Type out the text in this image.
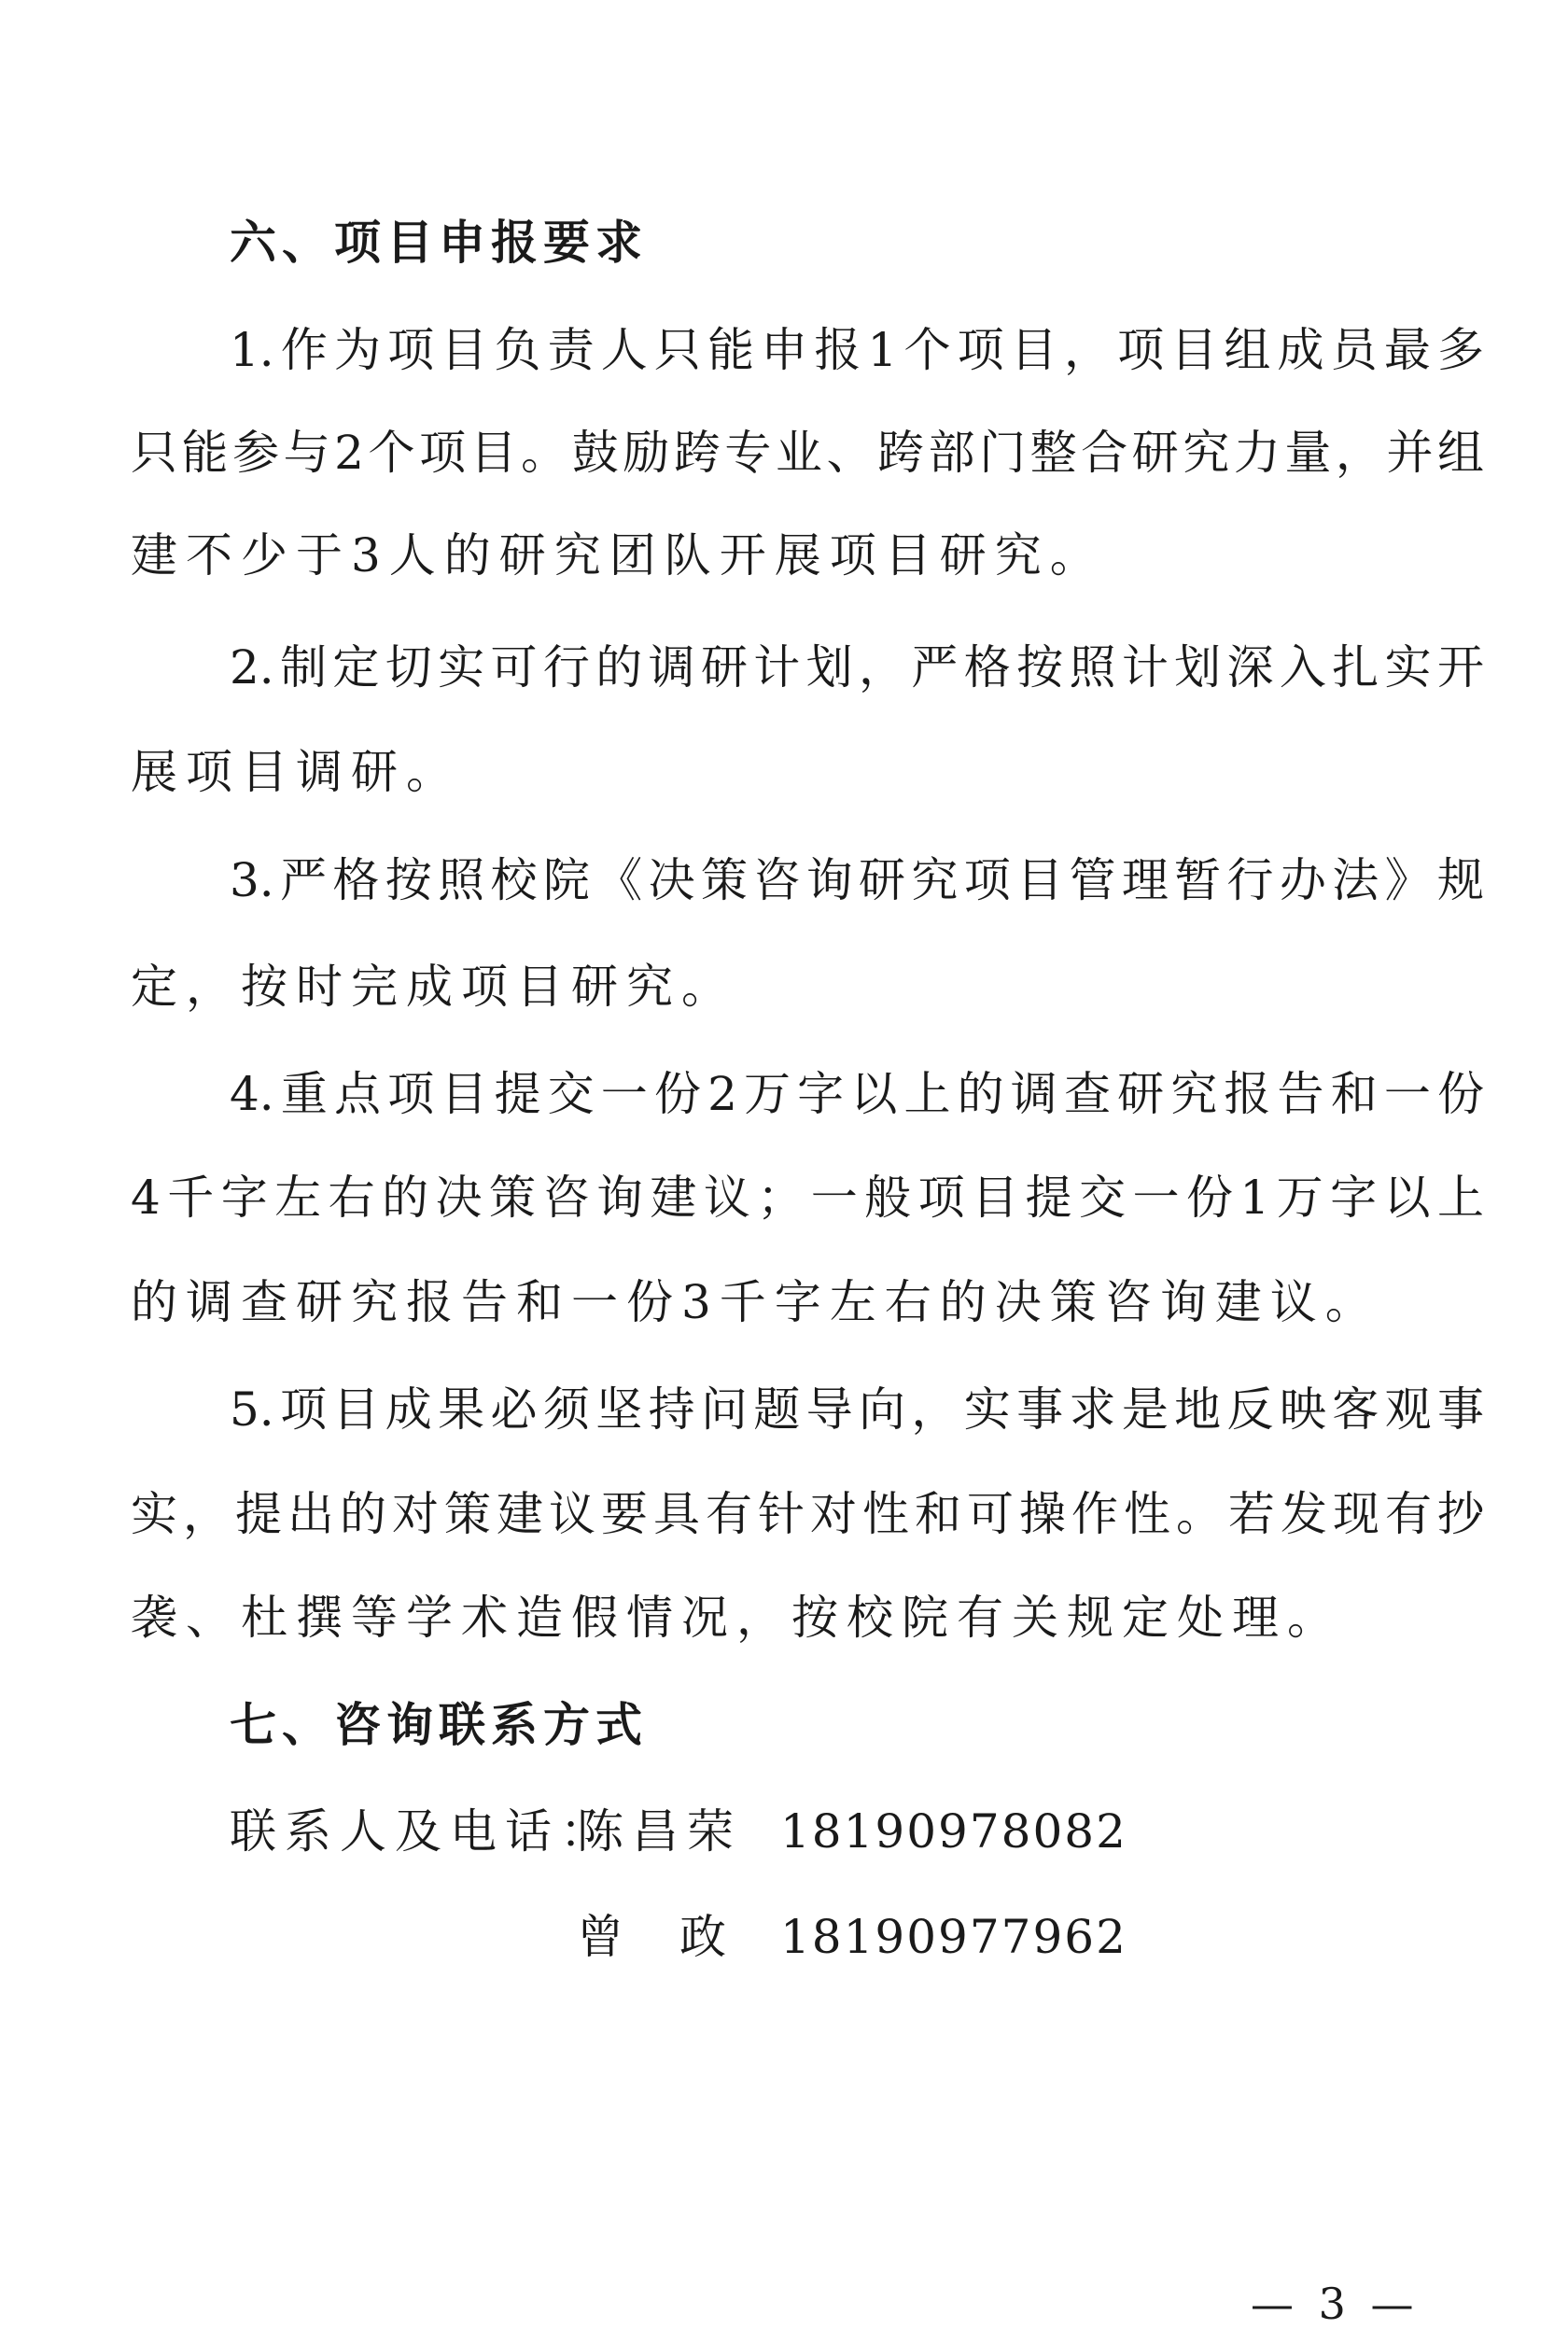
六、项目申报要求
1.作为项目负责人只能申报1个项目，项目组成员最多
只能参与2个项目。鼓励跨专业、跨部门整合研究力量，并组
建不少于3人的研究团队开展项目研究。
2.制定切实可行的调研计划，严格按照计划深入扎实开
展项目调研。
3.严格按照校院《决策咨询研究项目管理暂行办法》规
定，按时完成项目研究。
4.重点项目提交一份2万字以上的调查研究报告和一份
4千字左右的决策咨询建议；一般项目提交一份1万字以上
的调查研究报告和一份3千字左右的决策咨询建议。
5.项目成果必须坚持问题导向，实事求是地反映客观事
实，提出的对策建议要具有针对性和可操作性。若发现有抄
袭、杜撰等学术造假情况，按校院有关规定处理。
七、咨询联系方式
联系人及电话：
陈昌荣 18190978082
曾政 18190977962
— 3 —
